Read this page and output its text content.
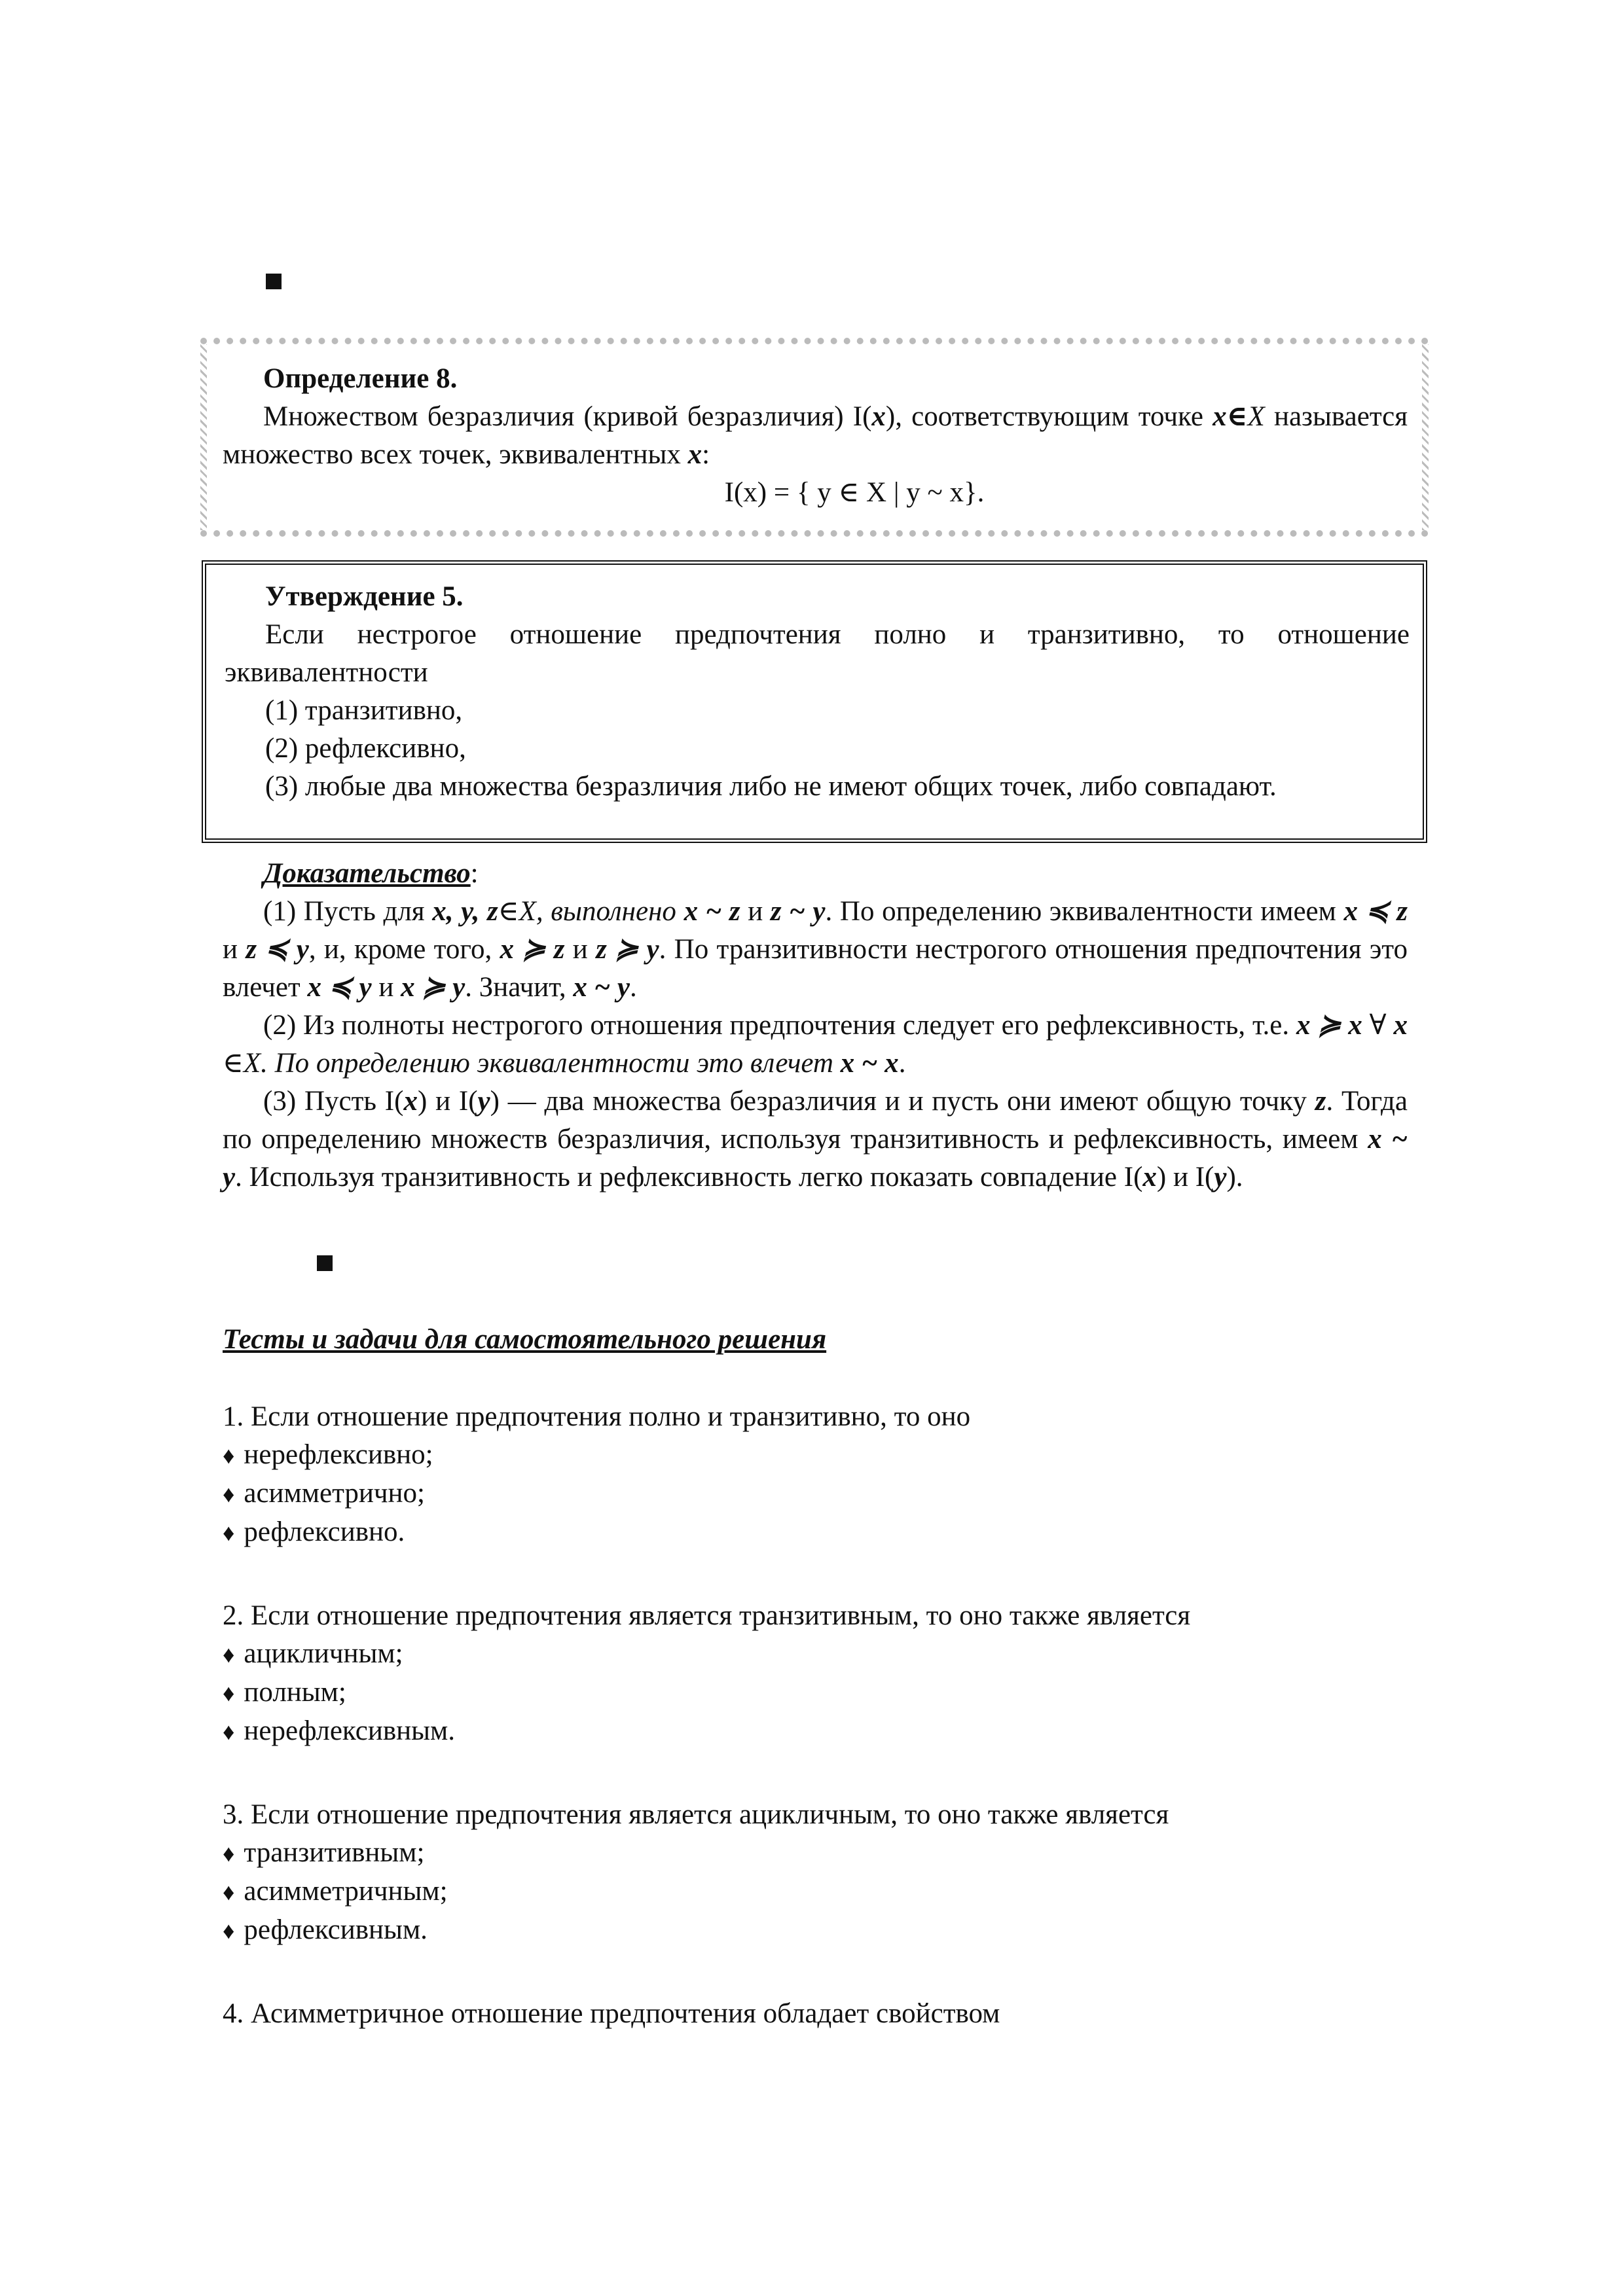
Определение 8.

Множеством безразличия (кривой безразличия) I(x), соответствующим точке x∈X называется множество всех точек, эквивалентных x:

I(x) = { y ∈ X | y ~ x}.

Утверждение 5.

Если нестрогое отношение предпочтения полно и транзитивно, то отношение эквивалентности

(1) транзитивно,

(2) рефлексивно,

(3) любые два множества безразличия либо не имеют общих точек, либо совпадают.

Доказательство:

(1) Пусть для x, y, z∈X, выполнено x ~ z и z ~ y. По определению эквивалентности имеем x ≼ z и z ≼ y, и, кроме того, x ≽ z и z ≽ y. По транзитивности нестрогого отношения предпочтения это влечет x ≼ y и x ≽ y. Значит, x ~ y.

(2) Из полноты нестрогого отношения предпочтения следует его рефлексивность, т.е. x ≽ x ∀ x ∈X. По определению эквивалентности это влечет x ~ x.

(3) Пусть I(x) и I(y) — два множества безразличия и и пусть они имеют общую точку z. Тогда по определению множеств безразличия, используя транзитивность и рефлексивность, имеем x ~ y. Используя транзитивность и рефлексивность легко показать совпадение I(x) и I(y).

Тесты и задачи для самостоятельного решения

1. Если отношение предпочтения полно и транзитивно, то оно

♦ нерефлексивно;

♦ асимметрично;

♦ рефлексивно.

2. Если отношение предпочтения является транзитивным, то оно также является

♦ ацикличным;

♦ полным;

♦ нерефлексивным.

3. Если отношение предпочтения является ацикличным, то оно также является

♦ транзитивным;

♦ асимметричным;

♦ рефлексивным.

4. Асимметричное отношение предпочтения обладает свойством
